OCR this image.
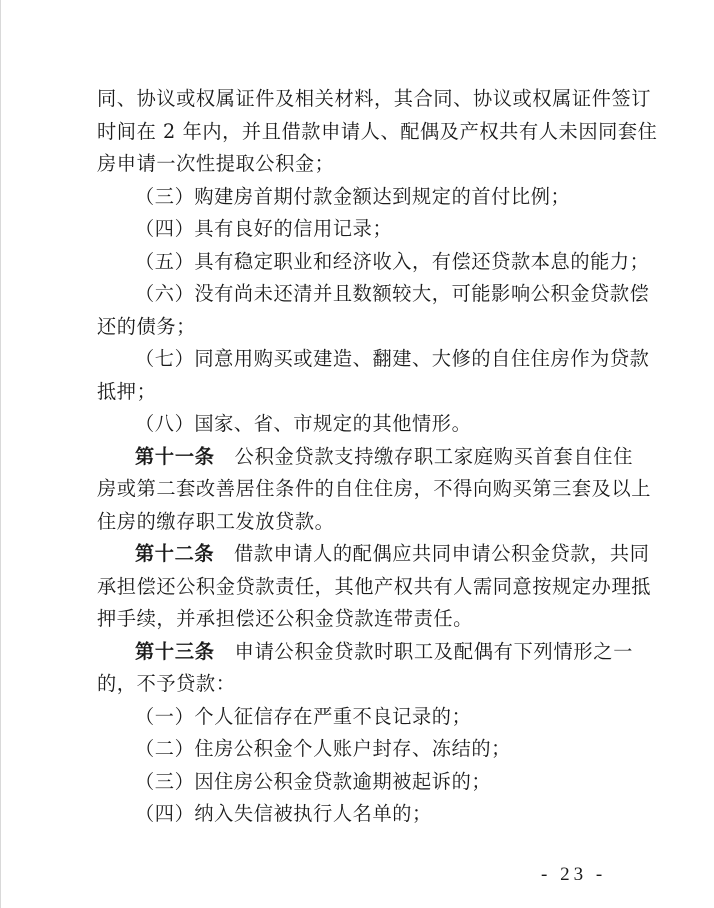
同、协议或权属证件及相关材料，其合同、协议或权属证件签订
时间在 2 年内，并且借款申请人、配偶及产权共有人未因同套住
房申请一次性提取公积金；
（三）购建房首期付款金额达到规定的首付比例；
（四）具有良好的信用记录；
（五）具有稳定职业和经济收入，有偿还贷款本息的能力；
（六）没有尚未还清并且数额较大，可能影响公积金贷款偿
还的债务；
（七）同意用购买或建造、翻建、大修的自住住房作为贷款
抵押；
（八）国家、省、市规定的其他情形。
第十一条　 公积金贷款支持缴存职工家庭购买首套自住住
房或第二套改善居住条件的自住住房，不得向购买第三套及以上
住房的缴存职工发放贷款。
第十二条　 借款申请人的配偶应共同申请公积金贷款，共同
承担偿还公积金贷款责任，其他产权共有人需同意按规定办理抵
押手续，并承担偿还公积金贷款连带责任。
第十三条　 申请公积金贷款时职工及配偶有下列情形之一
的，不予贷款：
（一）个人征信存在严重不良记录的；
（二）住房公积金个人账户封存、冻结的；
（三）因住房公积金贷款逾期被起诉的；
（四）纳入失信被执行人名单的；
- 23 -
